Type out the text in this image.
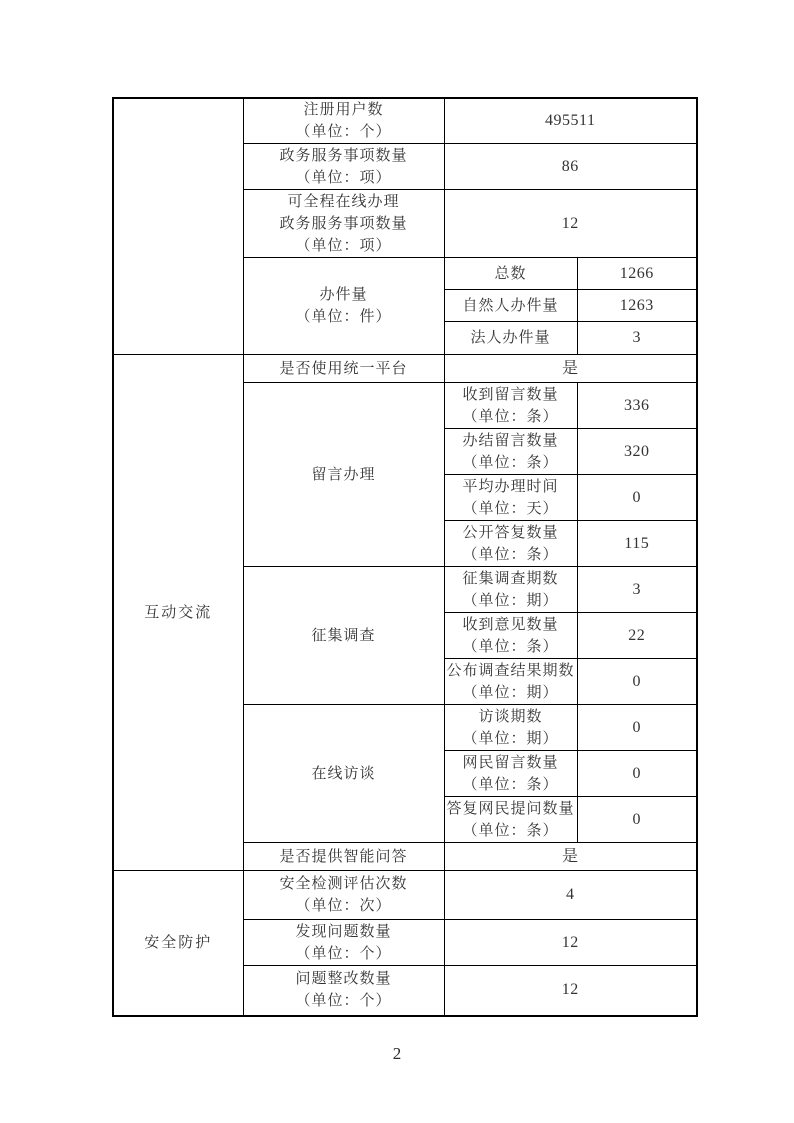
	注册用户数
（单位：个）	495511	

	政务服务事项数量
（单位：项）	86	

	可全程在线办理
政务服务事项数量
（单位：项）	12	

	办件量
（单位：件）	总数	1266
		自然人办件量	1263
		法人办件量	3
互动交流	是否使用统一平台	是	
	留言办理	收到留言数量
（单位：条）	336

		办结留言数量
（单位：条）	320

		平均办理时间
（单位：天）	0

		公开答复数量
（单位：条）	115
	征集调查	征集调查期数
（单位：期）	3

		收到意见数量
（单位：条）	22

		公布调查结果期数
（单位：期）	0
	在线访谈	访谈期数
（单位：期）	0

		网民留言数量
（单位：条）	0

		答复网民提问数量
（单位：条）	0
	是否提供智能问答	是	
安全防护	安全检测评估次数
（单位：次）	4	

	发现问题数量
（单位：个）	12	

	问题整改数量
（单位：个）	12	
2
